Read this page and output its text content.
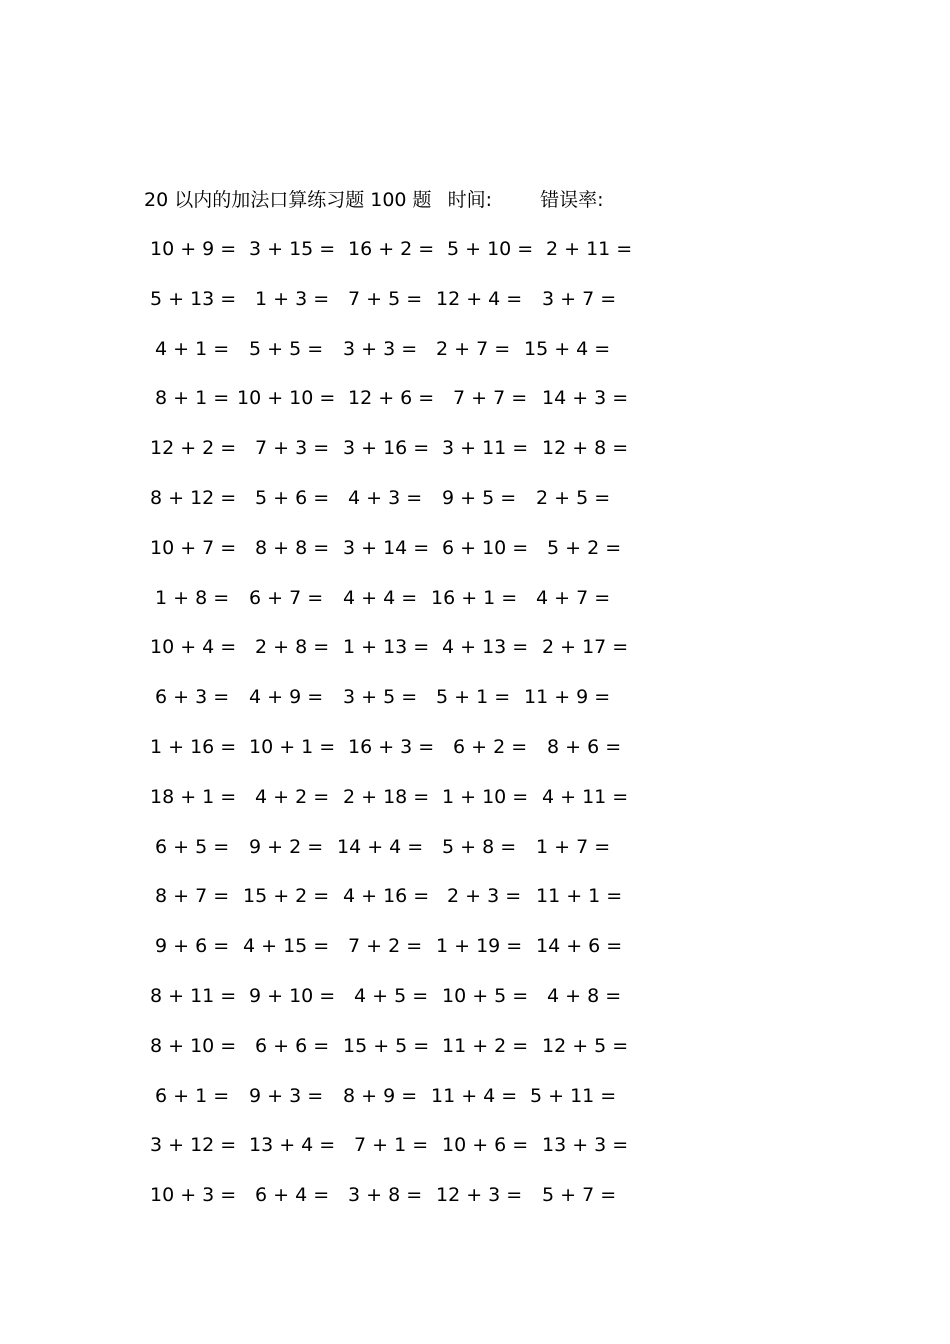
20 以内的加法口算练习题 100 题 时间:	错误率:
10 + 9 = 3 + 15 = 16 + 2 = 5 + 10 = 2 + 11 =
5 + 13 = 1 + 3 = 7 + 5 = 12 + 4 = 3 + 7 =
4 + 1 = 5 + 5 = 3 + 3 = 2 + 7 = 15 + 4 =
8 + 1 = 10 + 10 = 12 + 6 = 7 + 7 = 14 + 3 =
12 + 2 = 7 + 3 = 3 + 16 = 3 + 11 = 12 + 8 =
8 + 12 = 5 + 6 = 4 + 3 = 9 + 5 = 2 + 5 =
10 + 7 = 8 + 8 = 3 + 14 = 6 + 10 = 5 + 2 =
1 + 8 = 6 + 7 = 4 + 4 = 16 + 1 = 4 + 7 =
10 + 4 = 2 + 8 = 1 + 13 = 4 + 13 = 2 + 17 =
6 + 3 = 4 + 9 = 3 + 5 = 5 + 1 = 11 + 9 =
1 + 16 = 10 + 1 = 16 + 3 = 6 + 2 = 8 + 6 =
18 + 1 = 4 + 2 = 2 + 18 = 1 + 10 = 4 + 11 =
6 + 5 = 9 + 2 = 14 + 4 = 5 + 8 = 1 + 7 =
8 + 7 = 15 + 2 = 4 + 16 = 2 + 3 = 11 + 1 =
9 + 6 = 4 + 15 = 7 + 2 = 1 + 19 = 14 + 6 =
8 + 11 = 9 + 10 = 4 + 5 = 10 + 5 = 4 + 8 =
8 + 10 = 6 + 6 = 15 + 5 = 11 + 2 = 12 + 5 =
6 + 1 = 9 + 3 = 8 + 9 = 11 + 4 = 5 + 11 =
3 + 12 = 13 + 4 = 7 + 1 = 10 + 6 = 13 + 3 =
10 + 3 = 6 + 4 = 3 + 8 = 12 + 3 = 5 + 7 =
